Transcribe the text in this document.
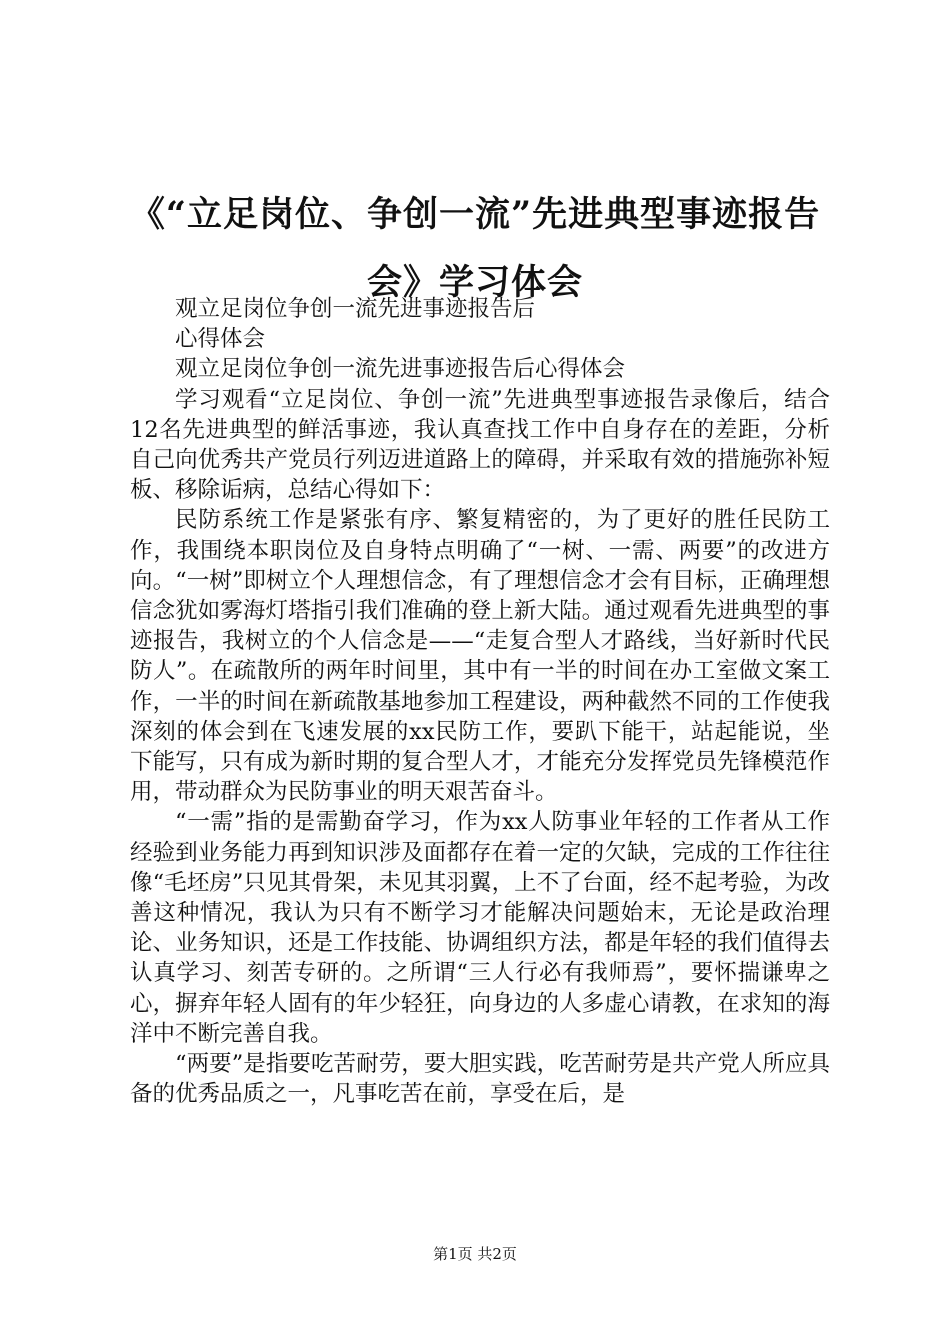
《“立足岗位、争创一流”先进典型事迹报告会》学习体会

观立足岗位争创一流先进事迹报告后

心得体会

观立足岗位争创一流先进事迹报告后心得体会

学习观看“立足岗位、争创一流”先进典型事迹报告录像后，结合12名先进典型的鲜活事迹，我认真查找工作中自身存在的差距，分析自己向优秀共产党员行列迈进道路上的障碍，并采取有效的措施弥补短板、移除诟病，总结心得如下：

民防系统工作是紧张有序、繁复精密的，为了更好的胜任民防工作，我围绕本职岗位及自身特点明确了“一树、一需、两要”的改进方向。“一树”即树立个人理想信念，有了理想信念才会有目标，正确理想信念犹如雾海灯塔指引我们准确的登上新大陆。通过观看先进典型的事迹报告，我树立的个人信念是——“走复合型人才路线，当好新时代民防人”。在疏散所的两年时间里，其中有一半的时间在办工室做文案工作，一半的时间在新疏散基地参加工程建设，两种截然不同的工作使我深刻的体会到在飞速发展的xx民防工作，要趴下能干，站起能说，坐下能写，只有成为新时期的复合型人才，才能充分发挥党员先锋模范作用，带动群众为民防事业的明天艰苦奋斗。

“一需”指的是需勤奋学习，作为xx人防事业年轻的工作者从工作经验到业务能力再到知识涉及面都存在着一定的欠缺，完成的工作往往像“毛坯房”只见其骨架，未见其羽翼，上不了台面，经不起考验，为改善这种情况，我认为只有不断学习才能解决问题始末，无论是政治理论、业务知识，还是工作技能、协调组织方法，都是年轻的我们值得去认真学习、刻苦专研的。之所谓“三人行必有我师焉”，要怀揣谦卑之心，摒弃年轻人固有的年少轻狂，向身边的人多虚心请教，在求知的海洋中不断完善自我。

“两要”是指要吃苦耐劳，要大胆实践，吃苦耐劳是共产党人所应具备的优秀品质之一，凡事吃苦在前，享受在后，是

第1页 共2页
